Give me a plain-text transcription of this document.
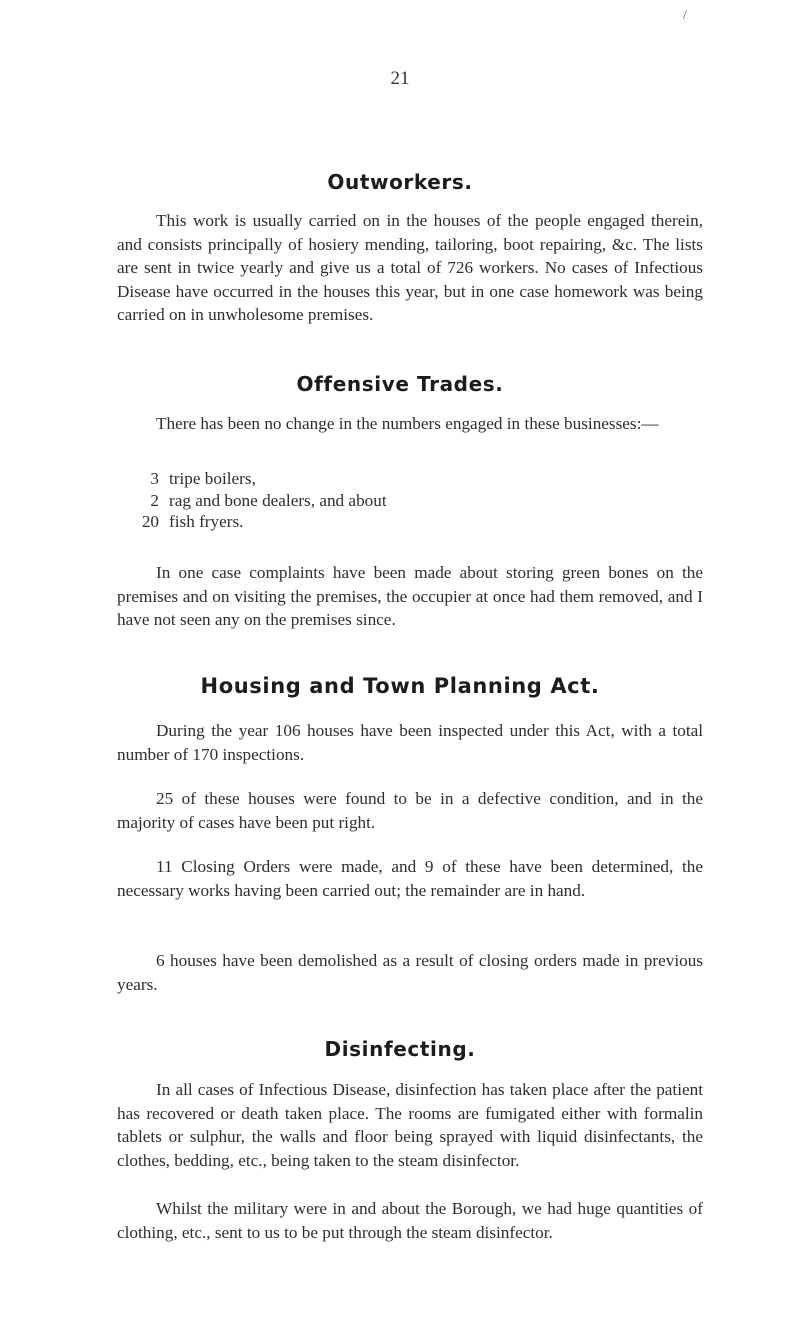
/
21
Outworkers.

This work is usually carried on in the houses of the people engaged therein, and consists principally of hosiery mending, tailoring, boot repairing, &c. The lists are sent in twice yearly and give us a total of 726 workers. No cases of Infectious Disease have occurred in the houses this year, but in one case homework was being carried on in unwholesome premises.

Offensive Trades.

There has been no change in the numbers engaged in these businesses:—

3 tripe boilers,
2 rag and bone dealers, and about
20 fish fryers.

In one case complaints have been made about storing green bones on the premises and on visiting the premises, the occupier at once had them removed, and I have not seen any on the premises since.

Housing and Town Planning Act.

During the year 106 houses have been inspected under this Act, with a total number of 170 inspections.

25 of these houses were found to be in a defective condition, and in the majority of cases have been put right.

11 Closing Orders were made, and 9 of these have been determined, the necessary works having been carried out; the remainder are in hand.

6 houses have been demolished as a result of closing orders made in previous years.

Disinfecting.

In all cases of Infectious Disease, disinfection has taken place after the patient has recovered or death taken place. The rooms are fumigated either with formalin tablets or sulphur, the walls and floor being sprayed with liquid disinfectants, the clothes, bedding, etc., being taken to the steam disinfector.

Whilst the military were in and about the Borough, we had huge quantities of clothing, etc., sent to us to be put through the steam disinfector.
